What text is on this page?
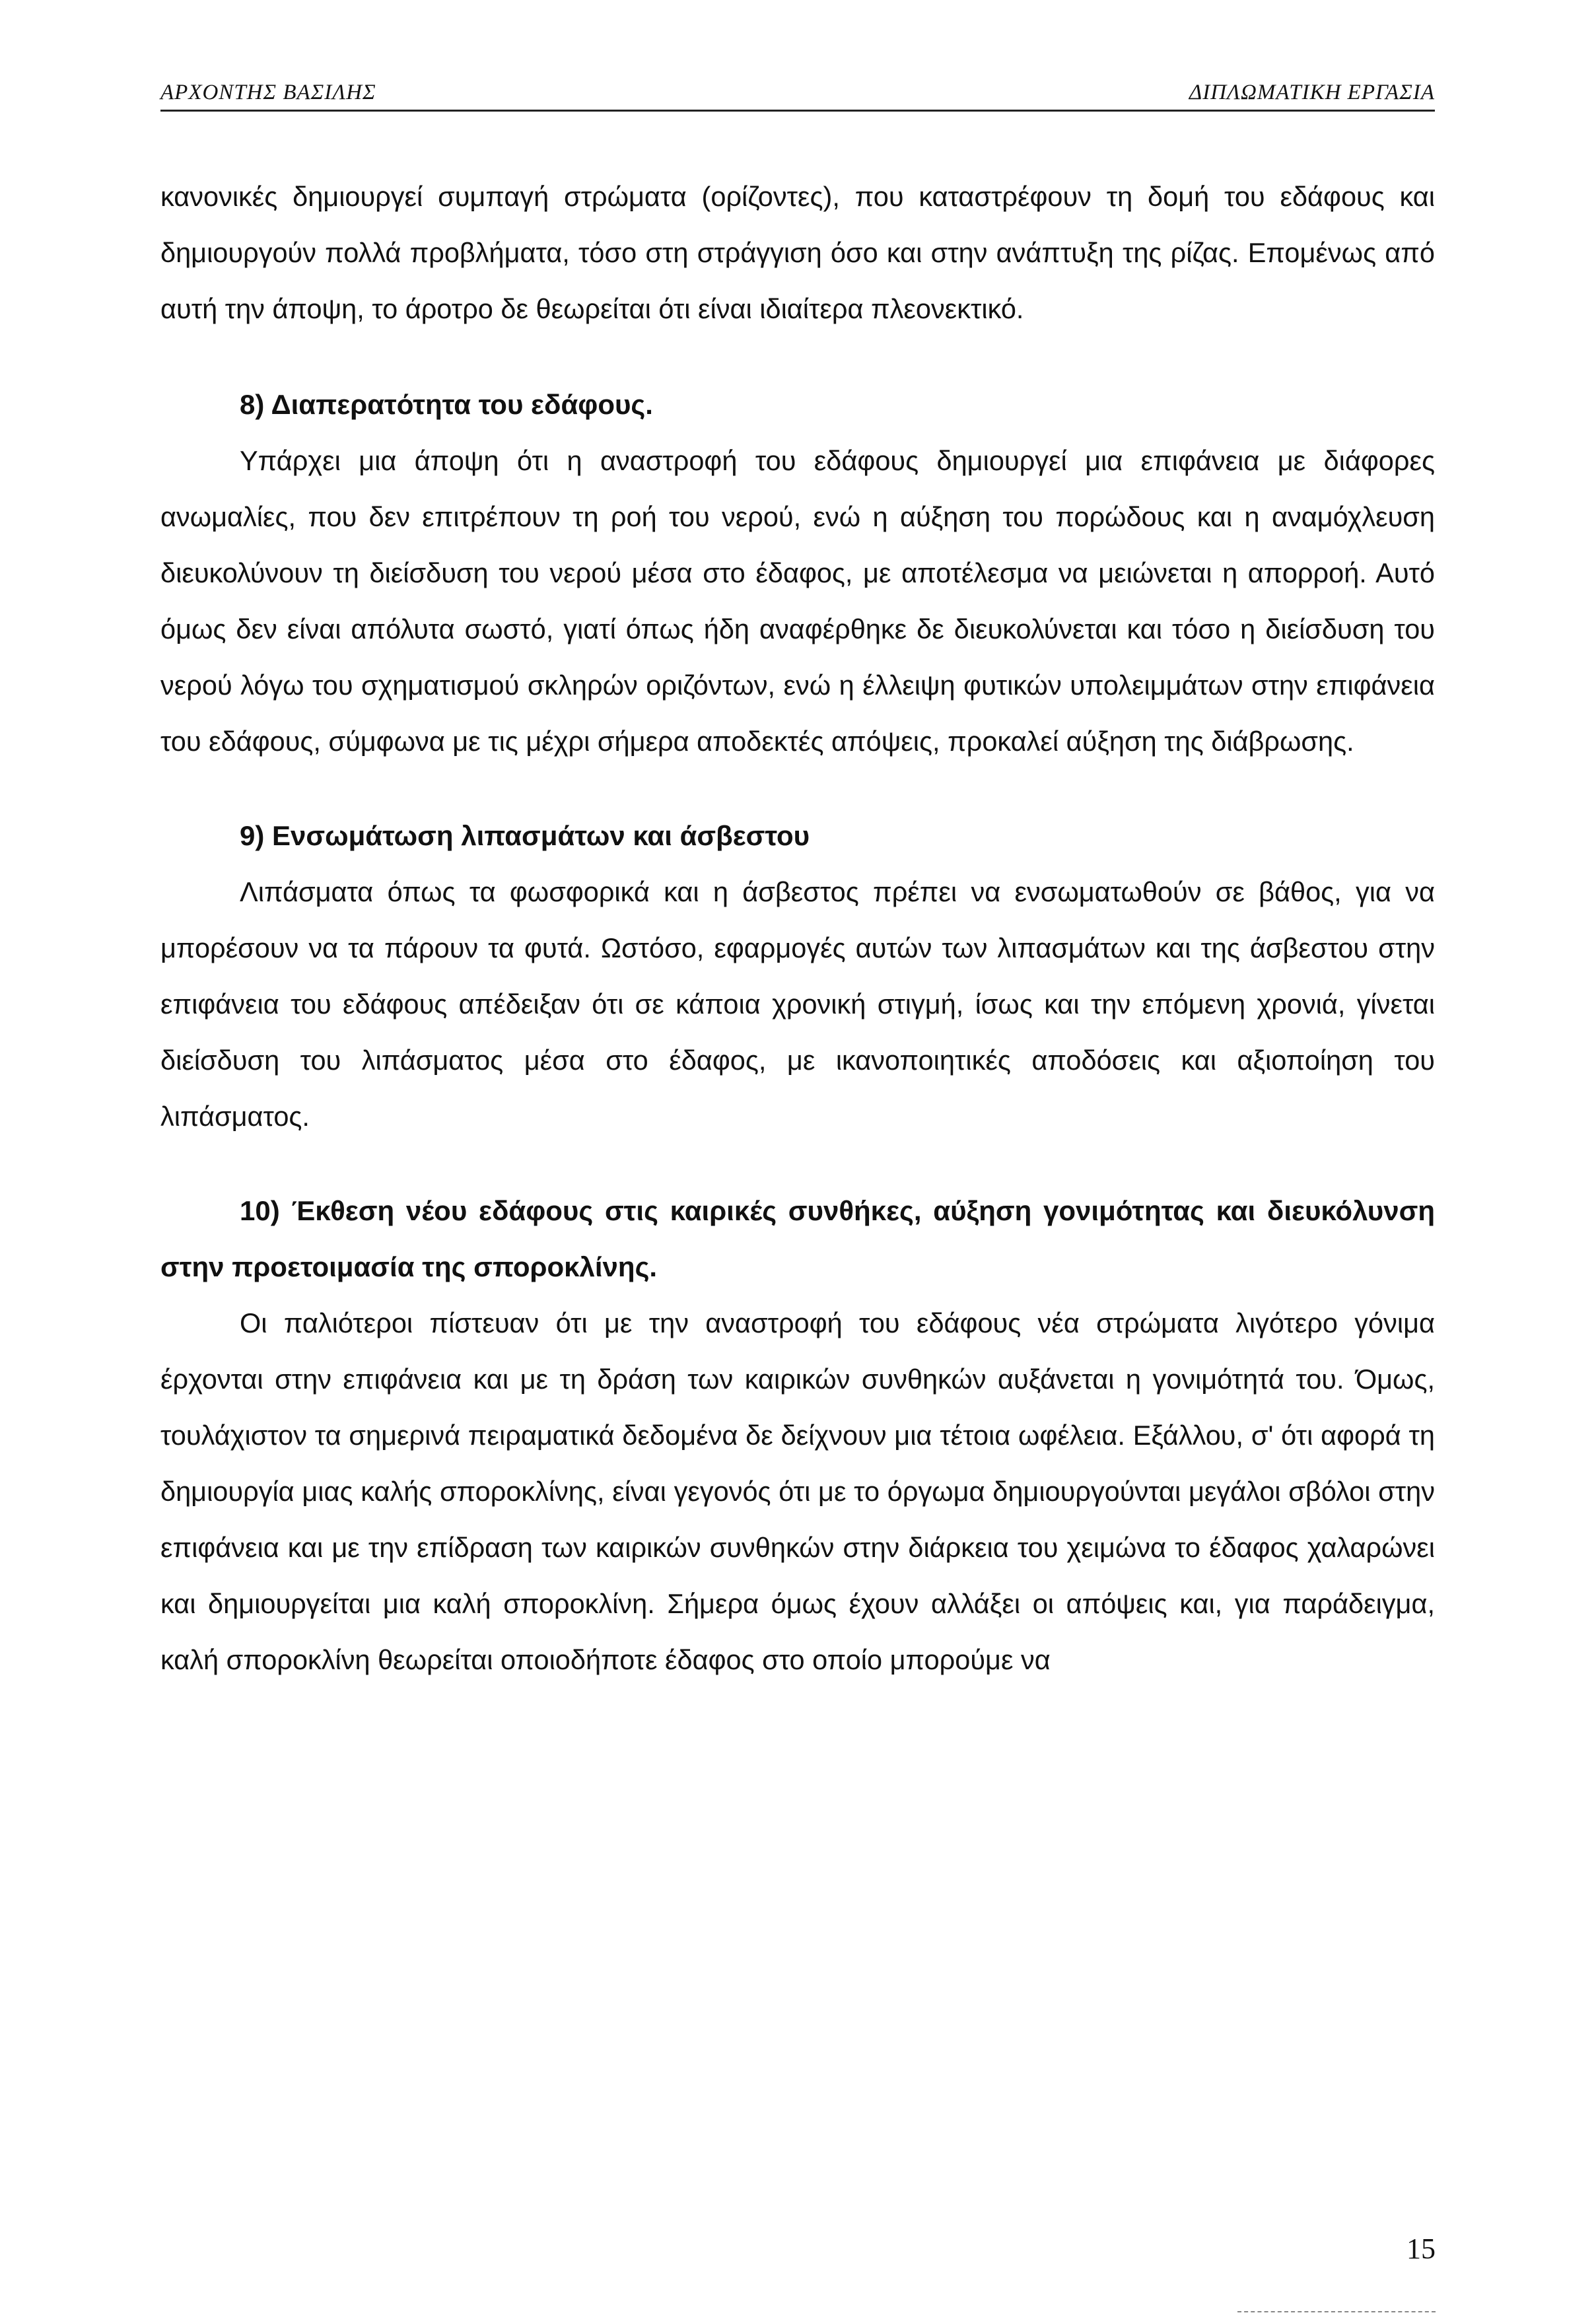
ΑΡΧΟΝΤΗΣ ΒΑΣΙΛΗΣ	ΔΙΠΛΩΜΑΤΙΚΗ ΕΡΓΑΣΙΑ

κανονικές δημιουργεί συμπαγή στρώματα (ορίζοντες), που καταστρέφουν τη δομή του εδάφους και δημιουργούν πολλά προβλήματα, τόσο στη στράγγιση όσο και στην ανάπτυξη της ρίζας. Επομένως από αυτή την άποψη, το άροτρο δε θεωρείται ότι είναι ιδιαίτερα πλεονεκτικό.

8) Διαπερατότητα του εδάφους.

Υπάρχει μια άποψη ότι η αναστροφή του εδάφους δημιουργεί μια επιφάνεια με διάφορες ανωμαλίες, που δεν επιτρέπουν τη ροή του νερού, ενώ η αύξηση του πορώδους και η αναμόχλευση διευκολύνουν τη διείσδυση του νερού μέσα στο έδαφος, με αποτέλεσμα να μειώνεται η απορροή. Αυτό όμως δεν είναι απόλυτα σωστό, γιατί όπως ήδη αναφέρθηκε δε διευκολύνεται και τόσο η διείσδυση του νερού λόγω του σχηματισμού σκληρών οριζόντων, ενώ η έλλειψη φυτικών υπολειμμάτων στην επιφάνεια του εδάφους, σύμφωνα με τις μέχρι σήμερα αποδεκτές απόψεις, προκαλεί αύξηση της διάβρωσης.

9) Ενσωμάτωση λιπασμάτων και άσβεστου

Λιπάσματα όπως τα φωσφορικά και η άσβεστος πρέπει να ενσωματωθούν σε βάθος, για να μπορέσουν να τα πάρουν τα φυτά. Ωστόσο, εφαρμογές αυτών των λιπασμάτων και της άσβεστου στην επιφάνεια του εδάφους απέδειξαν ότι σε κάποια χρονική στιγμή, ίσως και την επόμενη χρονιά, γίνεται διείσδυση του λιπάσματος μέσα στο έδαφος, με ικανοποιητικές αποδόσεις και αξιοποίηση του λιπάσματος.

10) Έκθεση νέου εδάφους στις καιρικές συνθήκες, αύξηση γονιμότητας και διευκόλυνση στην προετοιμασία της σποροκλίνης.

Οι παλιότεροι πίστευαν ότι με την αναστροφή του εδάφους νέα στρώματα λιγότερο γόνιμα έρχονται στην επιφάνεια και με τη δράση των καιρικών συνθηκών αυξάνεται η γονιμότητά του. Όμως, τουλάχιστον τα σημερινά πειραματικά δεδομένα δε δείχνουν μια τέτοια ωφέλεια. Εξάλλου, σ' ότι αφορά τη δημιουργία μιας καλής σποροκλίνης, είναι γεγονός ότι με το όργωμα δημιουργούνται μεγάλοι σβόλοι στην επιφάνεια και με την επίδραση των καιρικών συνθηκών στην διάρκεια του χειμώνα το έδαφος χαλαρώνει και δημιουργείται μια καλή σποροκλίνη. Σήμερα όμως έχουν αλλάξει οι απόψεις και, για παράδειγμα, καλή σποροκλίνη θεωρείται οποιοδήποτε έδαφος στο οποίο μπορούμε να

15
